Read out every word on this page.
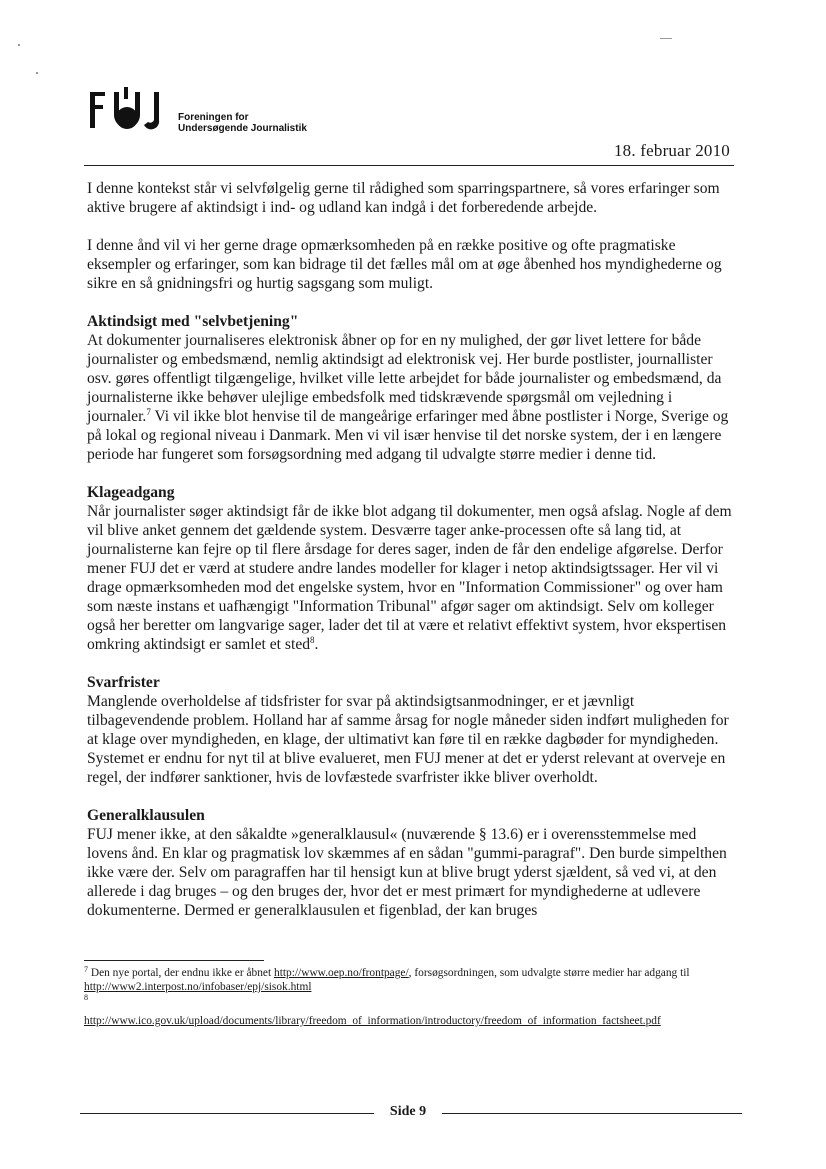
Foreningen for
Undersøgende Journalistik
18. februar 2010

I denne kontekst står vi selvfølgelig gerne til rådighed som sparringspartnere, så vores erfaringer som aktive brugere af aktindsigt i ind- og udland kan indgå i det forberedende arbejde.

I denne ånd vil vi her gerne drage opmærksomheden på en række positive og ofte pragmatiske eksempler og erfaringer, som kan bidrage til det fælles mål om at øge åbenhed hos myndighederne og sikre en så gnidningsfri og hurtig sagsgang som muligt.

Aktindsigt med "selvbetjening"

At dokumenter journaliseres elektronisk åbner op for en ny mulighed, der gør livet lettere for både journalister og embedsmænd, nemlig aktindsigt ad elektronisk vej. Her burde postlister, journallister osv. gøres offentligt tilgængelige, hvilket ville lette arbejdet for både journalister og embedsmænd, da journalisterne ikke behøver ulejlige embedsfolk med tidskrævende spørgsmål om vejledning i journaler.$^7$ Vi vil ikke blot henvise til de mangeårige erfaringer med åbne postlister i Norge, Sverige og på lokal og regional niveau i Danmark. Men vi vil især henvise til det norske system, der i en længere periode har fungeret som forsøgsordning med adgang til udvalgte større medier i denne tid.

Klageadgang

Når journalister søger aktindsigt får de ikke blot adgang til dokumenter, men også afslag. Nogle af dem vil blive anket gennem det gældende system. Desværre tager anke-processen ofte så lang tid, at journalisterne kan fejre op til flere årsdage for deres sager, inden de får den endelige afgørelse. Derfor mener FUJ det er værd at studere andre landes modeller for klager i netop aktindsigtssager. Her vil vi drage opmærksomheden mod det engelske system, hvor en "Information Commissioner" og over ham som næste instans et uafhængigt "Information Tribunal" afgør sager om aktindsigt. Selv om kolleger også her beretter om langvarige sager, lader det til at være et relativt effektivt system, hvor ekspertisen omkring aktindsigt er samlet et sted$^8$.

Svarfrister

Manglende overholdelse af tidsfrister for svar på aktindsigtsanmodninger, er et jævnligt tilbagevendende problem. Holland har af samme årsag for nogle måneder siden indført muligheden for at klage over myndigheden, en klage, der ultimativt kan føre til en række dagbøder for myndigheden. Systemet er endnu for nyt til at blive evalueret, men FUJ mener at det er yderst relevant at overveje en regel, der indfører sanktioner, hvis de lovfæstede svarfrister ikke bliver overholdt.

Generalklausulen

FUJ mener ikke, at den såkaldte »generalklausul« (nuværende § 13.6) er i overensstemmelse med lovens ånd. En klar og pragmatisk lov skæmmes af en sådan "gummi-paragraf". Den burde simpelthen ikke være der. Selv om paragraffen har til hensigt kun at blive brugt yderst sjældent, så ved vi, at den allerede i dag bruges – og den bruges der, hvor det er mest primært for myndighederne at udlevere dokumenterne. Dermed er generalklausulen et figenblad, der kan bruges

$^7$ Den nye portal, der endnu ikke er åbnet http://www.oep.no/frontpage/, forsøgsordningen, som udvalgte større medier har adgang til http://www2.interpost.no/infobaser/epj/sisok.html

$^8$

http://www.ico.gov.uk/upload/documents/library/freedom_of_information/introductory/freedom_of_information_factsheet.pdf

Side 9
